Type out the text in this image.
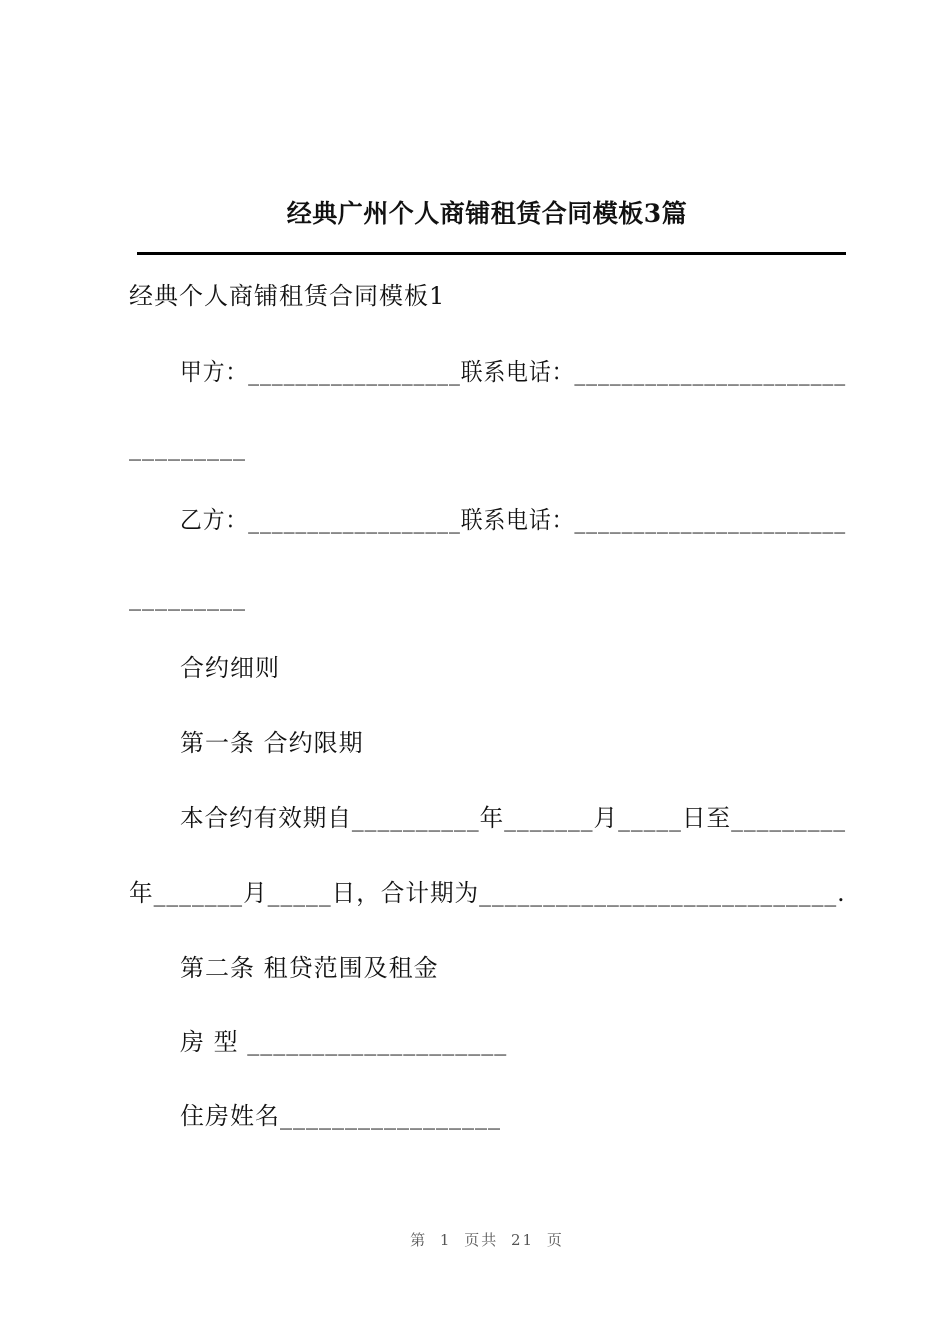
经典广州个人商铺租赁合同模板3篇
经典个人商铺租赁合同模板1
甲方：__________________联系电话：_______________________
_________
乙方：__________________联系电话：_______________________
_________
合约细则
第一条 合约限期
本合约有效期自__________年_______月_____日至_________
年_______月_____日，合计期为____________________________.
第二条 租贷范围及租金
房 型 ____________________
住房姓名_________________
第 1 页共 21 页
